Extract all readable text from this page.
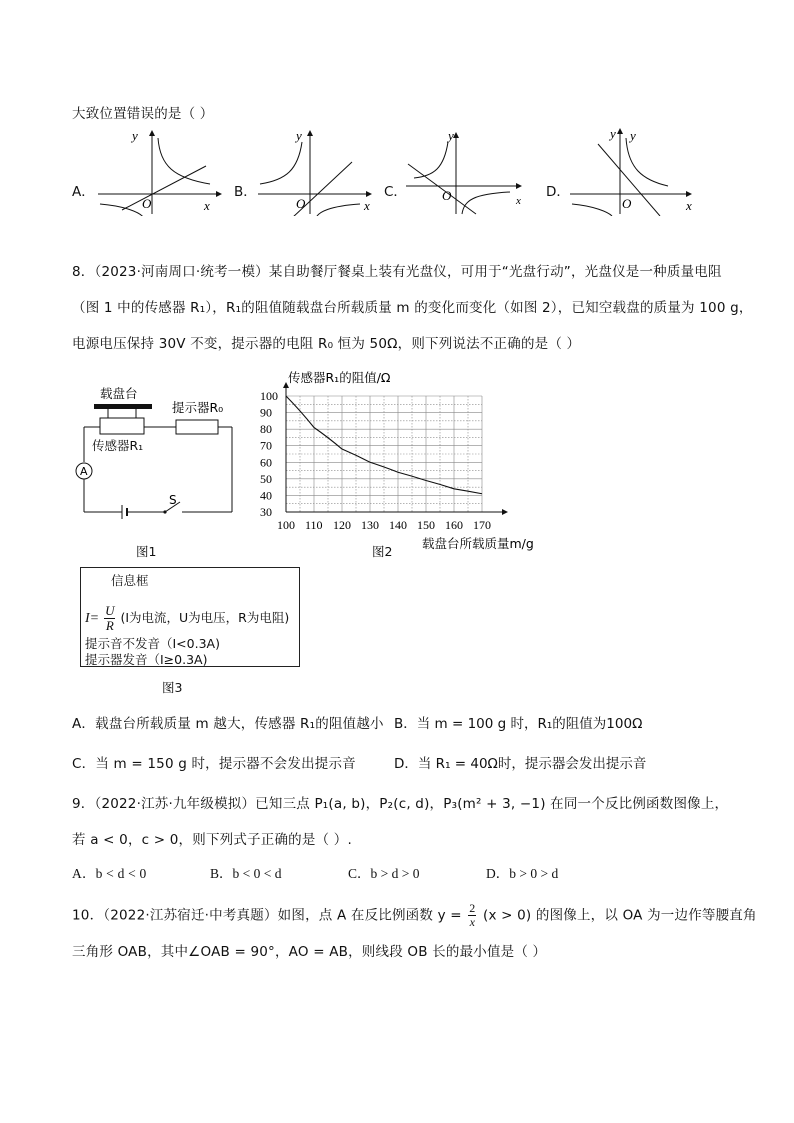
大致位置错误的是（ ）
A．
y
O	x
B．
y
O	x
C．
y
O	x
D．
y y
O	x
8．（2023·河南周口·统考一模）某自助餐厅餐桌上装有光盘仪，可用于“光盘行动”，光盘仪是一种质量电阻
（图 1 中的传感器 R₁），R₁的阻值随载盘台所载质量 m 的变化而变化（如图 2），已知空载盘的质量为 100 g，
电源电压保持 30V 不变，提示器的电阻 R₀ 恒为 50Ω，则下列说法不正确的是（ ）
载盘台
提示器R₀
A
S
传感器R₁
图1
100 110 120 130 140 150 160 170
30
40
50
60
70
80
90
100
传感器R₁的阻值/Ω
载盘台所载质量m/g
图2
信息框
$I= \frac{U}{R} (I$为电流，U为电压，R为电阻)
提示音不发音（I<0.3A)
提示器发音（I≥0.3A)
图3
A．载盘台所载质量 m 越大，传感器 R₁的阻值越小 B．当 m = 100 g 时，R₁的阻值为100Ω
C．当 m = 150 g 时，提示器不会发出提示音	D．当 R₁ = 40Ω时，提示器会发出提示音
9．（2022·江苏·九年级模拟）已知三点 P₁(a, b)，P₂(c, d)，P₃(m² + 3, −1) 在同一个反比例函数图像上，
若 a < 0，c > 0，则下列式子正确的是（ ）.
A．b < d < 0	B．b < 0 < d	C．b > d > 0	D．b > 0 > d
10．（2022·江苏宿迁·中考真题）如图，点 A 在反比例函数 $y = \frac{2}{x} (x > 0)$ 的图像上，以 OA 为一边作等腰直角
三角形 OAB，其中∠OAB = 90°，AO = AB，则线段 OB 长的最小值是（ ）
